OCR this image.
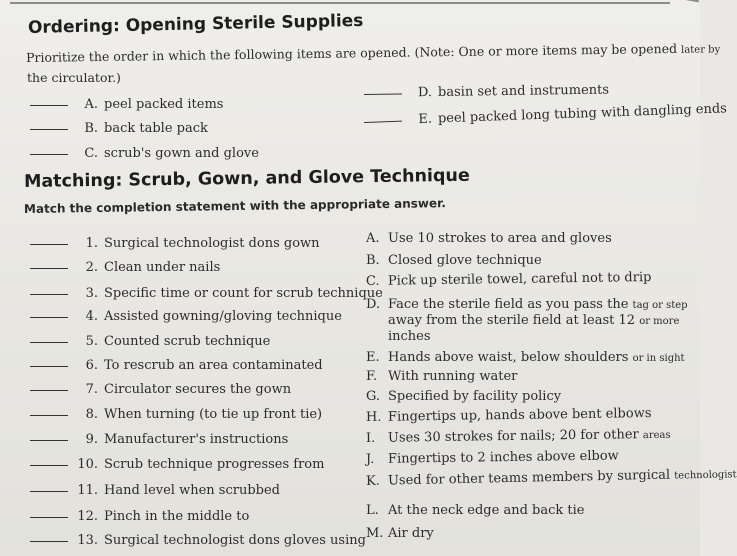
Ordering: Opening Sterile Supplies
Prioritize the order in which the following items are opened. (Note: One or more items may be opened later by
the circulator.)
A. peel packed items
B. back table pack
C. scrub's gown and glove
D. basin set and instruments
E. peel packed long tubing with dangling ends
Matching: Scrub, Gown, and Glove Technique
Match the completion statement with the appropriate answer.
1. Surgical technologist dons gown
2. Clean under nails
3. Specific time or count for scrub technique
4. Assisted gowning/gloving technique
5. Counted scrub technique
6. To rescrub an area contaminated
7. Circulator secures the gown
8. When turning (to tie up front tie)
9. Manufacturer's instructions
10. Scrub technique progresses from
11. Hand level when scrubbed
12. Pinch in the middle to
13. Surgical technologist dons gloves using
A. Use 10 strokes to area and gloves
B. Closed glove technique
C. Pick up sterile towel, careful not to drip
D. Face the sterile field as you pass the
tag or step
away from the sterile field at least 12
or more
inches
E. Hands above waist, below shoulders
or in sight
F. With running water
G. Specified by facility policy
H. Fingertips up, hands above bent elbows
I. Uses 30 strokes for nails; 20 for other
areas
J.	Fingertips to 2 inches above elbow
K. Used for other teams members by surgical
technologist
L. At the neck edge and back tie
M. Air dry
